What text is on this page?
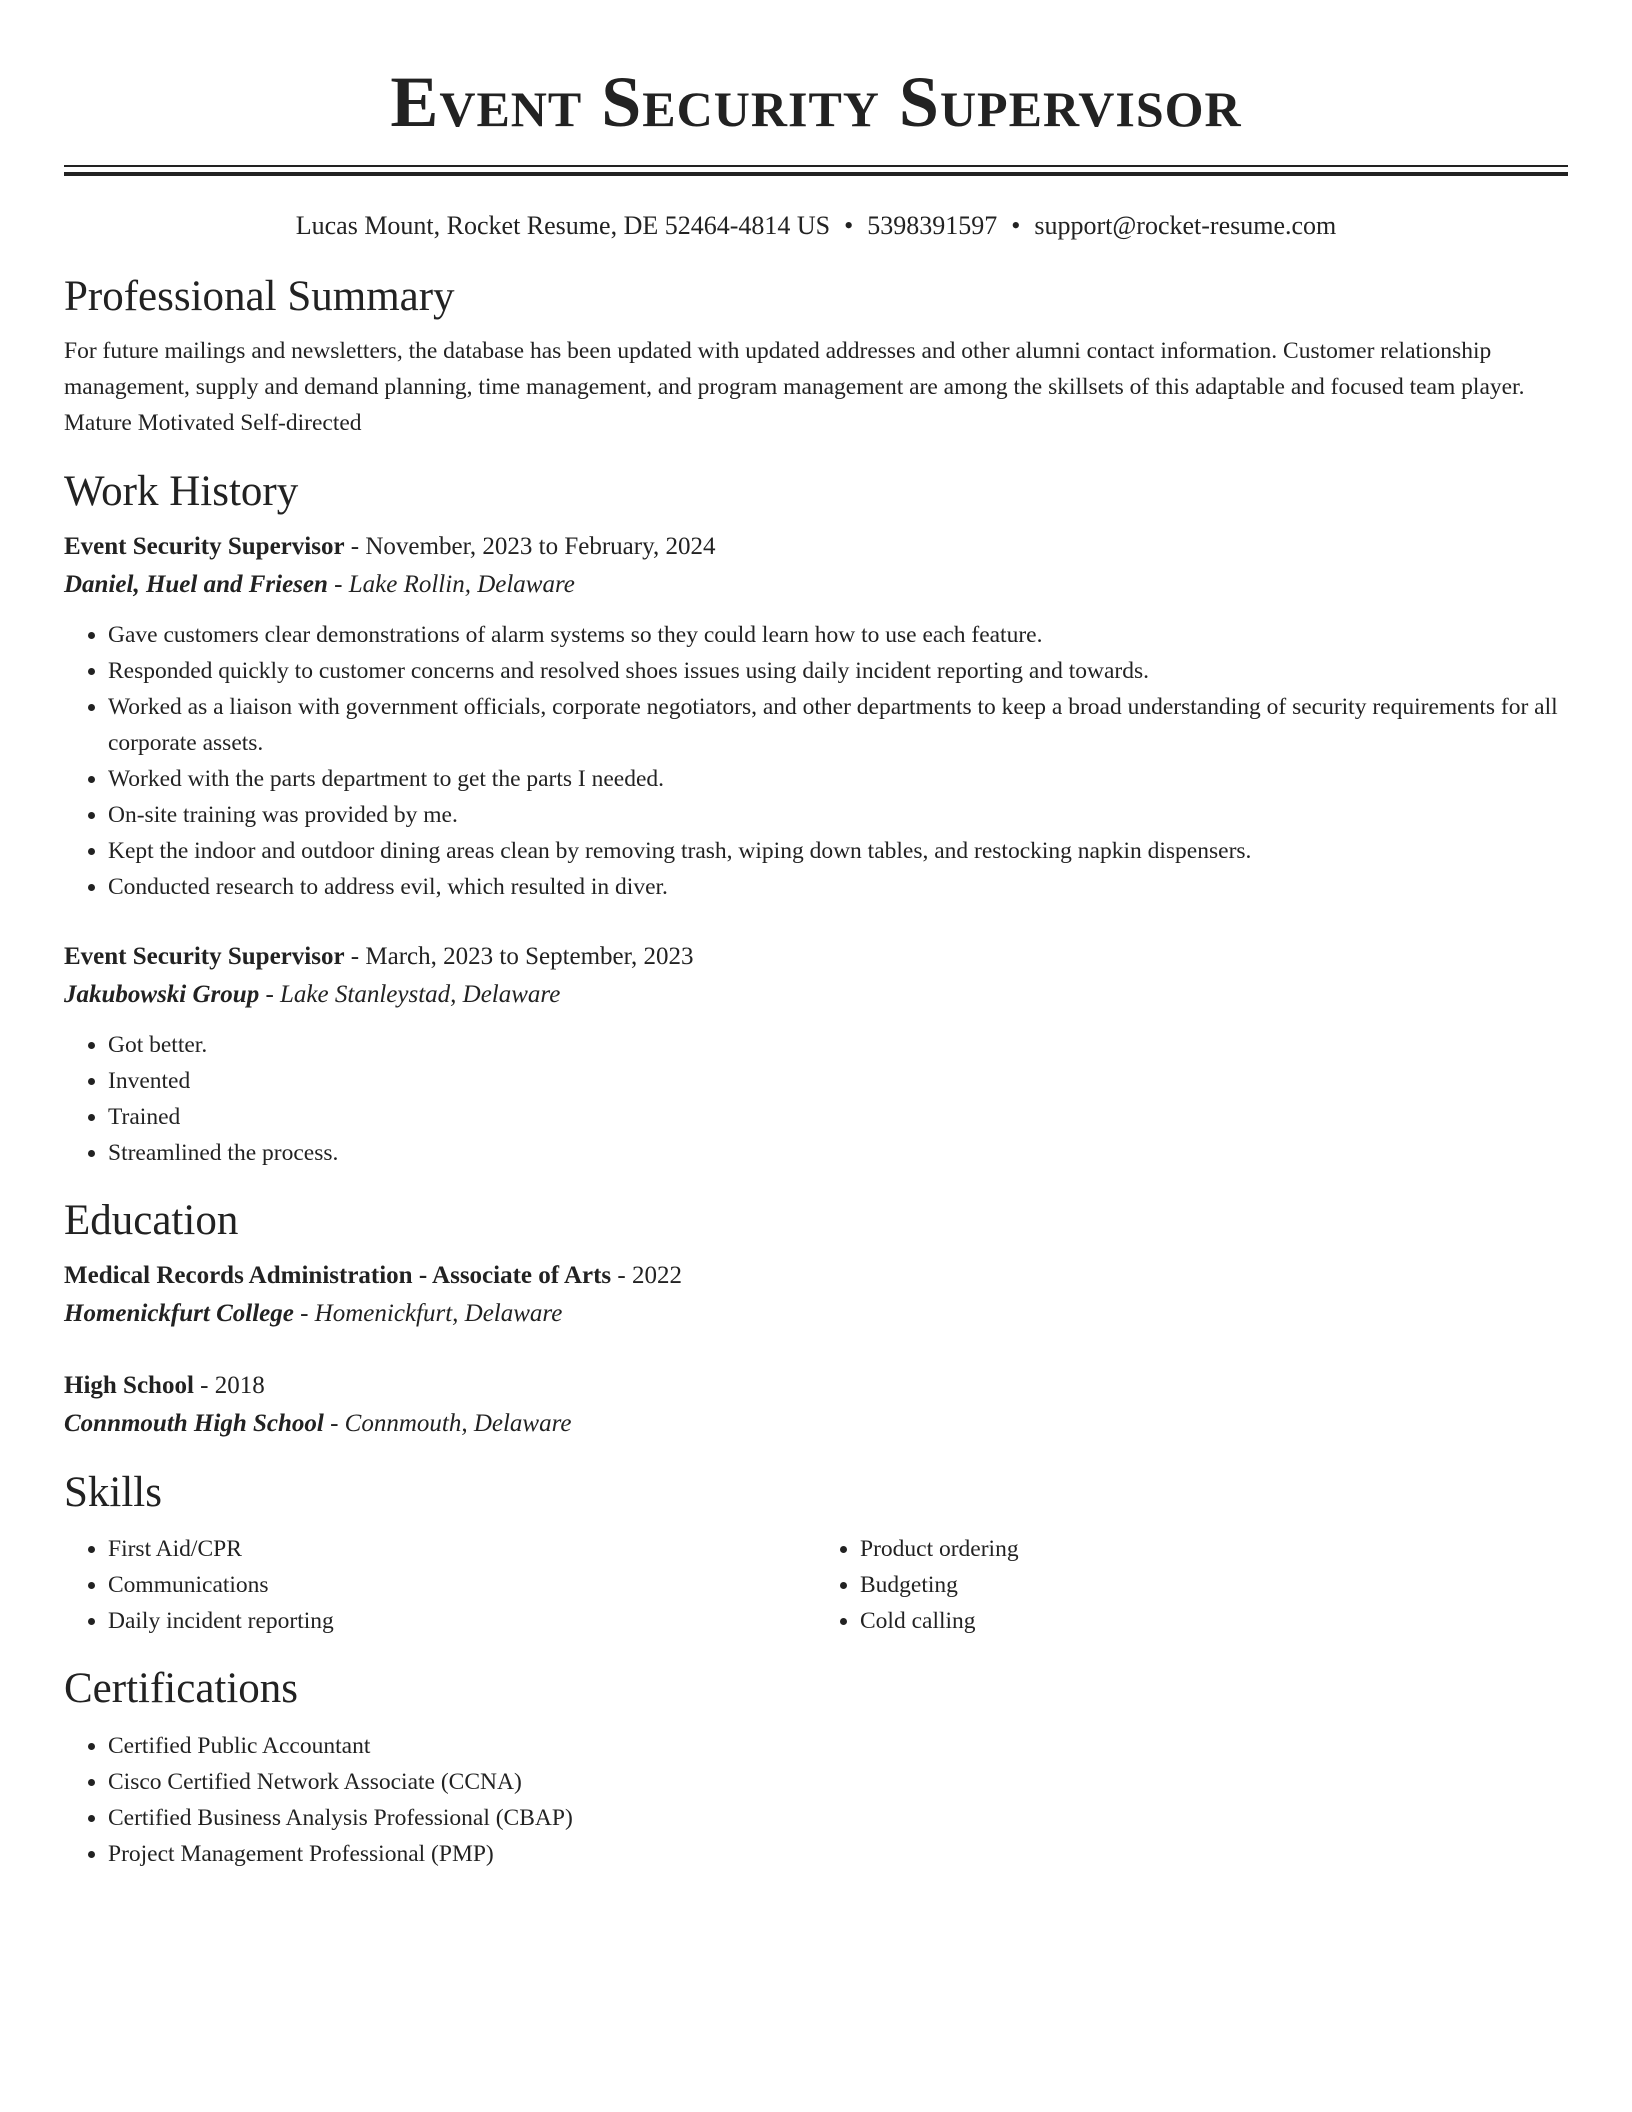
Event Security Supervisor
Lucas Mount, Rocket Resume, DE 52464-4814 US • 5398391597 • support@rocket-resume.com
Professional Summary

For future mailings and newsletters, the database has been updated with updated addresses and other alumni contact information. Customer relationship management, supply and demand planning, time management, and program management are among the skillsets of this adaptable and focused team player. Mature Motivated Self-directed

Work History

Event Security Supervisor - November, 2023 to February, 2024

Daniel, Huel and Friesen - Lake Rollin, Delaware

• Gave customers clear demonstrations of alarm systems so they could learn how to use each feature.
• Responded quickly to customer concerns and resolved shoes issues using daily incident reporting and towards.
• Worked as a liaison with government officials, corporate negotiators, and other departments to keep a broad understanding of security requirements for all corporate assets.
• Worked with the parts department to get the parts I needed.
• On-site training was provided by me.
• Kept the indoor and outdoor dining areas clean by removing trash, wiping down tables, and restocking napkin dispensers.
• Conducted research to address evil, which resulted in diver.

Event Security Supervisor - March, 2023 to September, 2023

Jakubowski Group - Lake Stanleystad, Delaware

• Got better.
• Invented
• Trained
• Streamlined the process.
Education

Medical Records Administration - Associate of Arts - 2022

Homenickfurt College - Homenickfurt, Delaware

High School - 2018

Connmouth High School - Connmouth, Delaware

Skills
• First Aid/CPR
• Communications
• Daily incident reporting
• Product ordering
• Budgeting
• Cold calling
Certifications
• Certified Public Accountant
• Cisco Certified Network Associate (CCNA)
• Certified Business Analysis Professional (CBAP)
• Project Management Professional (PMP)
